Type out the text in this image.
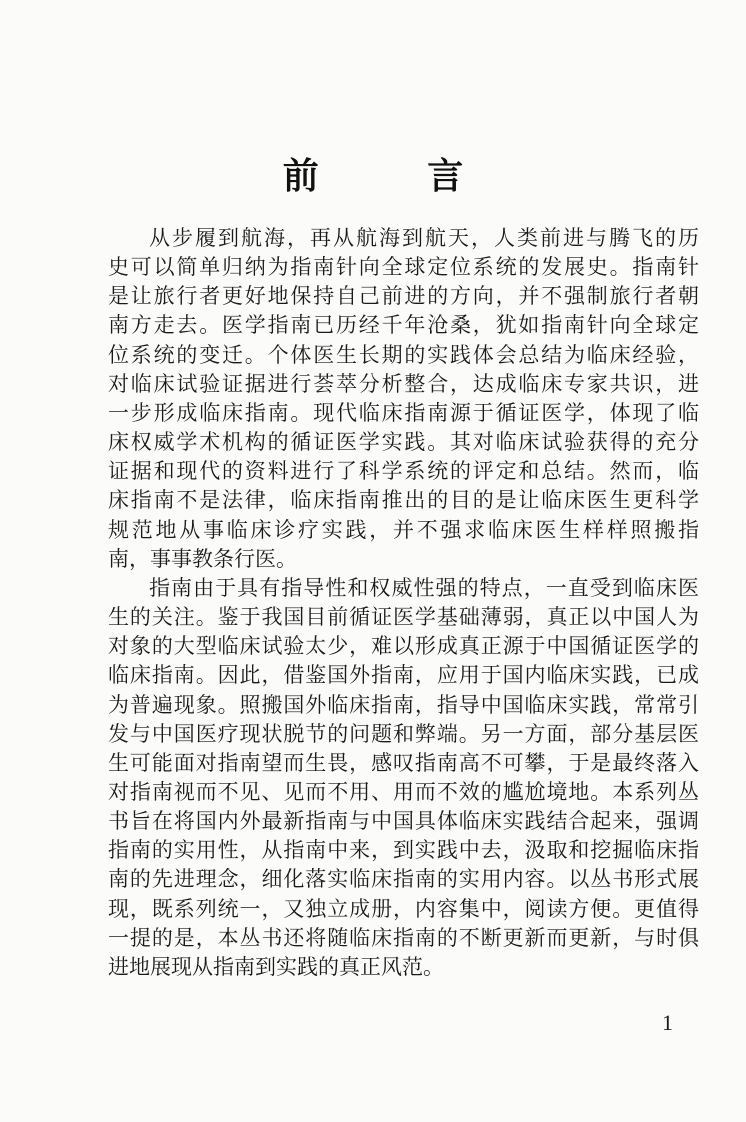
前 言
从步履到航海，再从航海到航天，人类前进与腾飞的历
史可以简单归纳为指南针向全球定位系统的发展史。指南针
是让旅行者更好地保持自己前进的方向，并不强制旅行者朝
南方走去。医学指南已历经千年沧桑，犹如指南针向全球定
位系统的变迁。个体医生长期的实践体会总结为临床经验，
对临床试验证据进行荟萃分析整合，达成临床专家共识，进
一步形成临床指南。现代临床指南源于循证医学，体现了临
床权威学术机构的循证医学实践。其对临床试验获得的充分
证据和现代的资料进行了科学系统的评定和总结。然而，临
床指南不是法律，临床指南推出的目的是让临床医生更科学
规范地从事临床诊疗实践，并不强求临床医生样样照搬指
南，事事教条行医。
指南由于具有指导性和权威性强的特点，一直受到临床医
生的关注。鉴于我国目前循证医学基础薄弱，真正以中国人为
对象的大型临床试验太少，难以形成真正源于中国循证医学的
临床指南。因此，借鉴国外指南，应用于国内临床实践，已成
为普遍现象。照搬国外临床指南，指导中国临床实践，常常引
发与中国医疗现状脱节的问题和弊端。另一方面，部分基层医
生可能面对指南望而生畏，感叹指南高不可攀，于是最终落入
对指南视而不见、见而不用、用而不效的尴尬境地。本系列丛
书旨在将国内外最新指南与中国具体临床实践结合起来，强调
指南的实用性，从指南中来，到实践中去，汲取和挖掘临床指
南的先进理念，细化落实临床指南的实用内容。以丛书形式展
现，既系列统一，又独立成册，内容集中，阅读方便。更值得
一提的是，本丛书还将随临床指南的不断更新而更新，与时俱
进地展现从指南到实践的真正风范。
1
